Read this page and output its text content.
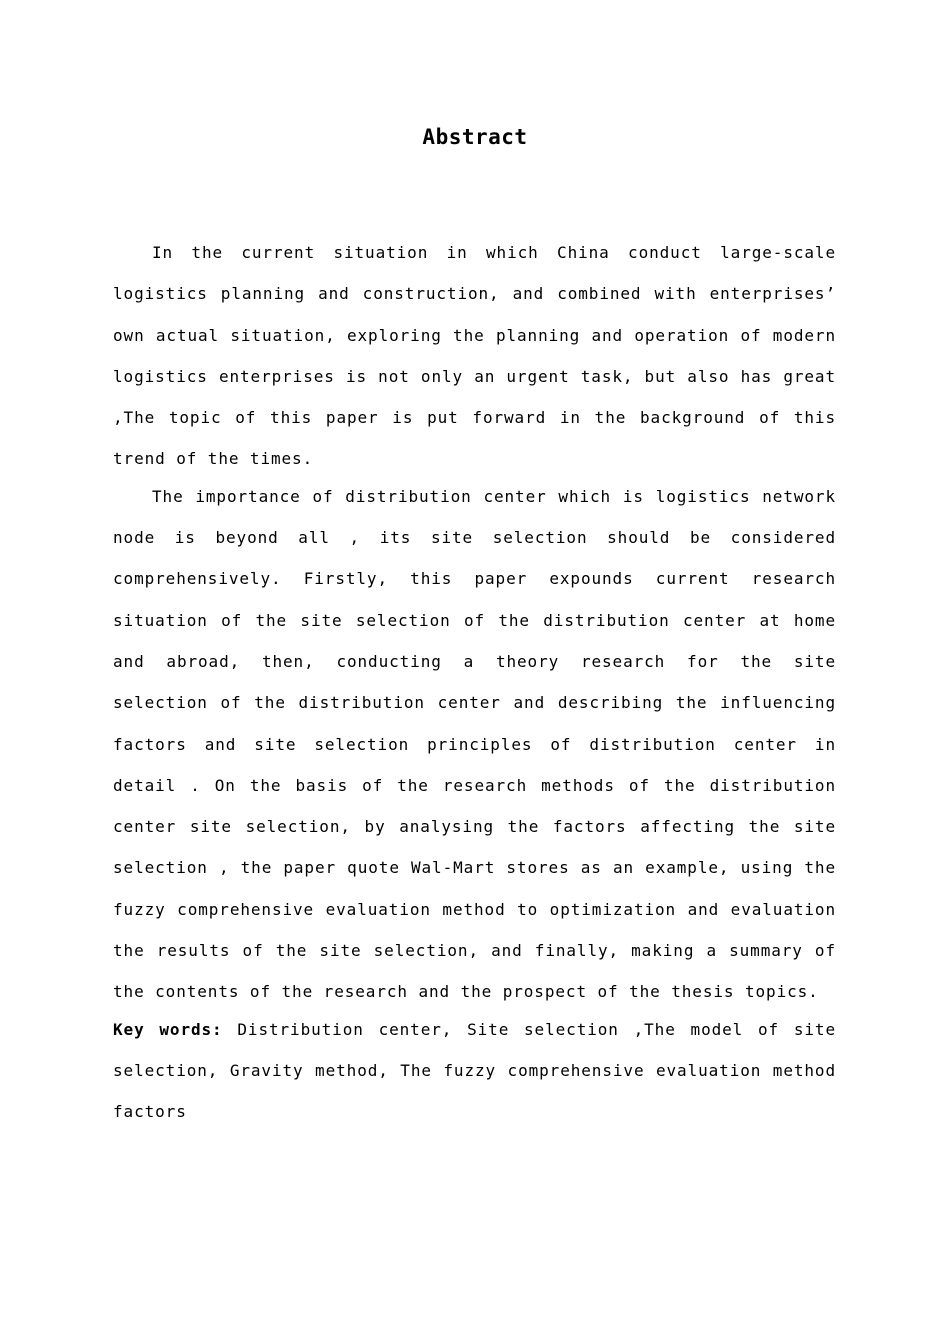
Abstract

In the current situation in which China conduct large-scale logistics planning and construction, and combined with enterprises’ own actual situation, exploring the planning and operation of modern logistics enterprises is not only an urgent task, but also has great ,The topic of this paper is put forward in the background of this trend of the times.

The importance of distribution center which is logistics network node is beyond all , its site selection should be considered comprehensively. Firstly, this paper expounds current research situation of the site selection of the distribution center at home and abroad, then, conducting a theory research for the site selection of the distribution center and describing the influencing factors and site selection principles of distribution center in detail . On the basis of the research methods of the distribution center site selection, by analysing the factors affecting the site selection , the paper quote Wal-Mart stores as an example, using the fuzzy comprehensive evaluation method to optimization and evaluation the results of the site selection, and finally, making a summary of the contents of the research and the prospect of the thesis topics.

Key words: Distribution center, Site selection ,The model of site selection, Gravity method, The fuzzy comprehensive evaluation method factors
